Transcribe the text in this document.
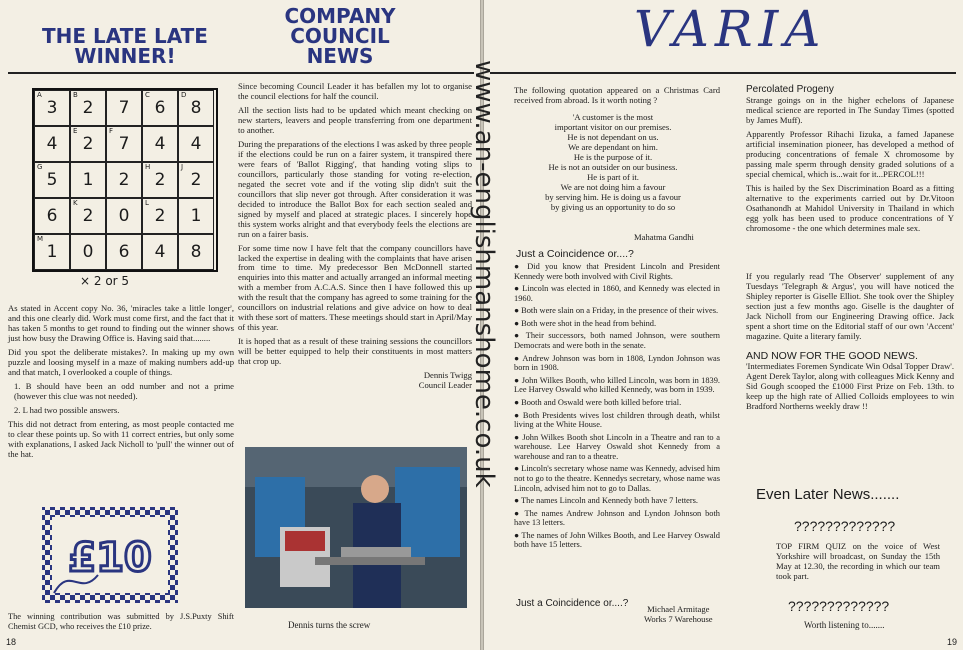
THE LATE LATE
WINNER!
COMPANY
COUNCIL
NEWS
A
3
B
2 7
C
6
D
8
4
E
2
F
7 4 4
G
5 1 2
H
2
J
2
6
K
2 0
L
2 1
M
1 0 6 4 8
× 2 or 5

As stated in Accent copy No. 36, 'miracles take a little longer', and this one clearly did. Work must come first, and the fact that it has taken 5 months to get round to finding out the winner shows just how busy the Drawing Office is. Having said that........

Did you spot the deliberate mistakes?. In making up my own puzzle and loosing myself in a maze of making numbers add-up and that match, I overlooked a couple of things.

1. B should have been an odd number and not a prime (however this clue was not needed).

2. L had two possible answers.

This did not detract from entering, as most people contacted me to clear these points up. So with 11 correct entries, but only some with explanations, I asked Jack Nicholl to 'pull' the winner out of the hat.

£10
The winning contribution was submitted by J.S.Puxty Shift Chemist GCD, who receives the £10 prize.

Since becoming Council Leader it has befallen my lot to organise the council elections for half the council.

All the section lists had to be updated which meant checking on new starters, leavers and people transferring from one department to another.

During the preparations of the elections I was asked by three people if the elections could be run on a fairer system, it transpired there were fears of 'Ballot Rigging', that handing voting slips to councillors, particularly those standing for voting re-election, negated the secret vote and if the voting slip didn't suit the councillors that slip never got through. After consideration it was decided to introduce the Ballot Box for each section sealed and signed by myself and placed at strategic places. I sincerely hope this system works alright and that everybody feels the elections are run on a fairer basis.

For some time now I have felt that the company councillors have lacked the expertise in dealing with the complaints that have arisen from time to time. My predecessor Ben McDonnell started enquiries into this matter and actually arranged an informal meeting with a member from A.C.A.S. Since then I have followed this up with the result that the company has agreed to some training for the councillors on industrial relations and give advice on how to deal with these sort of matters. These meetings should start in April/May of this year.

It is hoped that as a result of these training sessions the councillors will be better equipped to help their constituents in most matters that crop up.

Dennis Twigg
Council Leader
Dennis turns the screw
18
VARIA
The following quotation appeared on a Christmas Card received from abroad. Is it worth noting ?
'A customer is the most
important visitor on our premises.
He is not dependant on us.
We are dependant on him.
He is the purpose of it.
He is not an outsider on our business.
He is part of it.
We are not doing him a favour
by serving him. He is doing us a favour
by giving us an opportunity to do so
Mahatma Gandhi
Just a Coincidence or....?
● Did you know that President Lincoln and President Kennedy were both involved with Civil Rights.
● Lincoln was elected in 1860, and Kennedy was elected in 1960.
● Both were slain on a Friday, in the presence of their wives.
● Both were shot in the head from behind.
● Their successors, both named Johnson, were southern Democrats and were both in the senate.
● Andrew Johnson was born in 1808, Lyndon Johnson was born in 1908.
● John Wilkes Booth, who killed Lincoln, was born in 1839. Lee Harvey Oswald who killed Kennedy, was born in 1939.
● Booth and Oswald were both killed before trial.
● Both Presidents wives lost children through death, whilst living at the White House.
● John Wilkes Booth shot Lincoln in a Theatre and ran to a warehouse. Lee Harvey Oswald shot Kennedy from a warehouse and ran to a theatre.
● Lincoln's secretary whose name was Kennedy, advised him not to go to the theatre. Kennedys secretary, whose name was Lincoln, advised him not to go to Dallas.
● The names Lincoln and Kennedy both have 7 letters.
● The names Andrew Johnson and Lyndon Johnson both have 13 letters.
● The names of John Wilkes Booth, and Lee Harvey Oswald both have 15 letters.
Just a Coincidence or....?	Michael Armitage
Works 7 Warehouse
Percolated Progeny

Strange goings on in the higher echelons of Japanese medical science are reported in The Sunday Times (spotted by James Muff).

Apparently Professor Rihachi Iizuka, a famed Japanese artificial insemination pioneer, has developed a method of producing concentrations of female X chromosome by passing male sperm through density graded solutions of a special chemical, which is...wait for it...PERCOL!!!

This is hailed by the Sex Discrimination Board as a fitting alternative to the experiments carried out by Dr.Vitoon Osathanondh at Mahidol University in Thailand in which egg yolk has been used to produce concentrations of Y chromosome - the one which determines male sex.

If you regularly read 'The Observer' supplement of any Tuesdays 'Telegraph & Argus', you will have noticed the Shipley reporter is Giselle Elliot. She took over the Shipley section just a few months ago. Giselle is the daughter of Jack Nicholl from our Engineering Drawing office. Jack spent a short time on the Editorial staff of our own 'Accent' magazine. Quite a literary family.
AND NOW FOR THE GOOD NEWS.
'Intermediates Foremen Syndicate Win Odsal Topper Draw'. Agent Derek Taylor, along with colleagues Mick Kenny and Sid Gough scooped the £1000 First Prize on Feb. 13th. to keep up the high rate of Allied Colloids employees to win Bradford Northerns weekly draw !!
Even Later News.......
?????????????
TOP FIRM QUIZ on the voice of West Yorkshire will broadcast, on Sunday the 15th May at 12.30, the recording in which our team took part.
?????????????
Worth listening to.......
19
www.an-englishmanshome.co.uk
